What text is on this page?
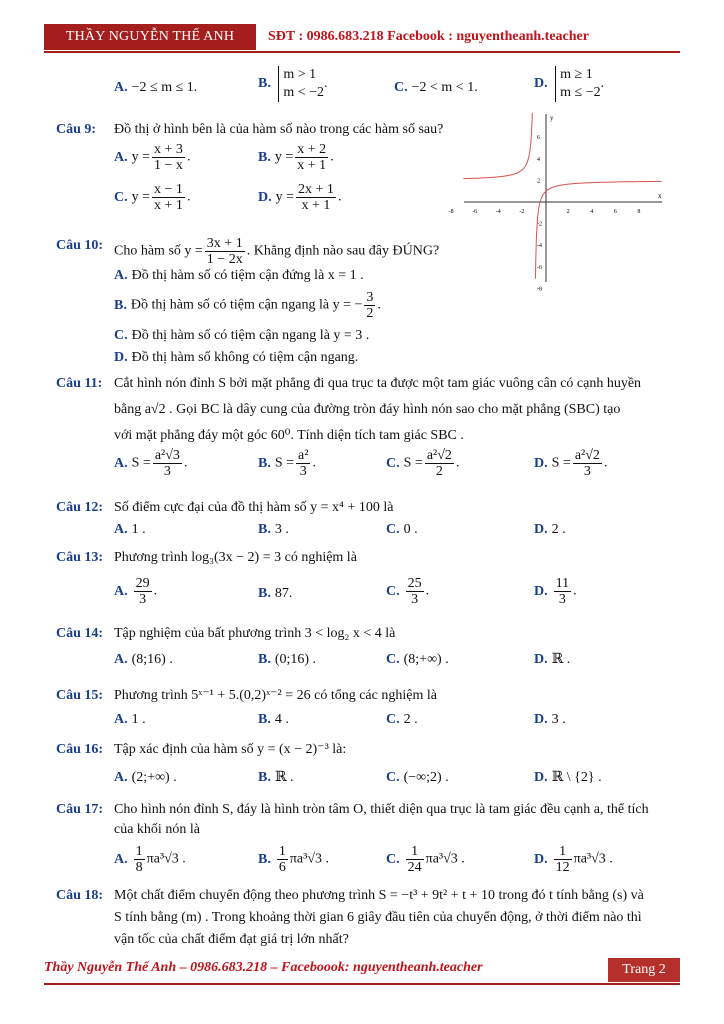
THẦY NGUYỄN THẾ ANH	SĐT : 0986.683.218 Facebook : nguyentheanh.teacher
A. −2 ≤ m ≤ 1.	B.
m > 1
m < −2
.	C. −2 < m < 1.	D.
m ≥ 1
m ≤ −2
.
Câu 9: Đồ thị ở hình bên là của hàm số nào trong các hàm số sau?
A. $y = \frac{x + 3}{1 - x}$ .	B. $y = \frac{x + 2}{x + 1}$ .
C. $y = \frac{x - 1}{x + 1}$ .	D. $y = \frac{2x + 1}{x + 1}$ .	x
y
-8	-6	-4	-2	2	4	6	8
6
4
2
-2
-4
-6
-8
Câu 10: Cho hàm số $y = \frac{3x + 1}{1 - 2x}$ . Khẳng định nào sau đây ĐÚNG?
A. Đồ thị hàm số có tiệm cận đứng là x = 1 .
B. Đồ thị hàm số có tiệm cận ngang là y = − $\frac{3}{2}$ .
C. Đồ thị hàm số có tiệm cận ngang là y = 3 .
D. Đồ thị hàm số không có tiệm cận ngang.
Câu 11: Cắt hình nón đỉnh S bởi mặt phẳng đi qua trục ta được một tam giác vuông cân có cạnh huyền
bằng a√2 . Gọi BC là dây cung của đường tròn đáy hình nón sao cho mặt phẳng (SBC) tạo
với mặt phẳng đáy một góc 60⁰. Tính diện tích tam giác SBC .
A. $S = \frac{\text{a²√3}}{3}$ .	B. $S = \frac{\text{a²}}{3}$ .	C. $S = \frac{\text{a²√2}}{2}$ .	D. $S = \frac{\text{a²√2}}{3}$ .
Câu 12: Số điểm cực đại của đồ thị hàm số y = x⁴ + 100 là
A. 1 .	B. 3 .	C. 0 .	D. 2 .
Câu 13: Phương trình log₃(3x − 2) = 3 có nghiệm là
A. $\frac{29}{3}$ .	B. 87.	C. $\frac{25}{3}$ .	D. $\frac{11}{3}$ .
Câu 14: Tập nghiệm của bất phương trình 3 < log₂ x < 4 là
A. (8;16) .	B. (0;16) .	C. (8;+∞) .	D. ℝ .
Câu 15: Phương trình 5ˣ⁻¹ + 5.(0,2)ˣ⁻² = 26 có tổng các nghiệm là
A. 1 .	B. 4 .	C. 2 .	D. 3 .
Câu 16: Tập xác định của hàm số y = (x − 2)⁻³ là:
A. (2;+∞) .	B. ℝ .	C. (−∞;2) .	D. ℝ \ {2} .
Câu 17: Cho hình nón đỉnh S, đáy là hình tròn tâm O, thiết diện qua trục là tam giác đều cạnh a, thể tích
của khối nón là
A. $\frac{1}{8} \pi a^3√3$ .	B. $\frac{1}{6} \pi a^3√3$ .	C. $\frac{1}{24} \pi a^3√3$ .	D. $\frac{1}{12} \pi a^3√3$ .
Câu 18: Một chất điểm chuyển động theo phương trình S = −t³ + 9t² + t + 10 trong đó t tính bằng (s) và
S tính bằng (m) . Trong khoảng thời gian 6 giây đầu tiên của chuyển động, ở thời điểm nào thì
vận tốc của chất điểm đạt giá trị lớn nhất?
Thầy Nguyễn Thế Anh – 0986.683.218 – Faceboook: nguyentheanh.teacher	Trang 2
